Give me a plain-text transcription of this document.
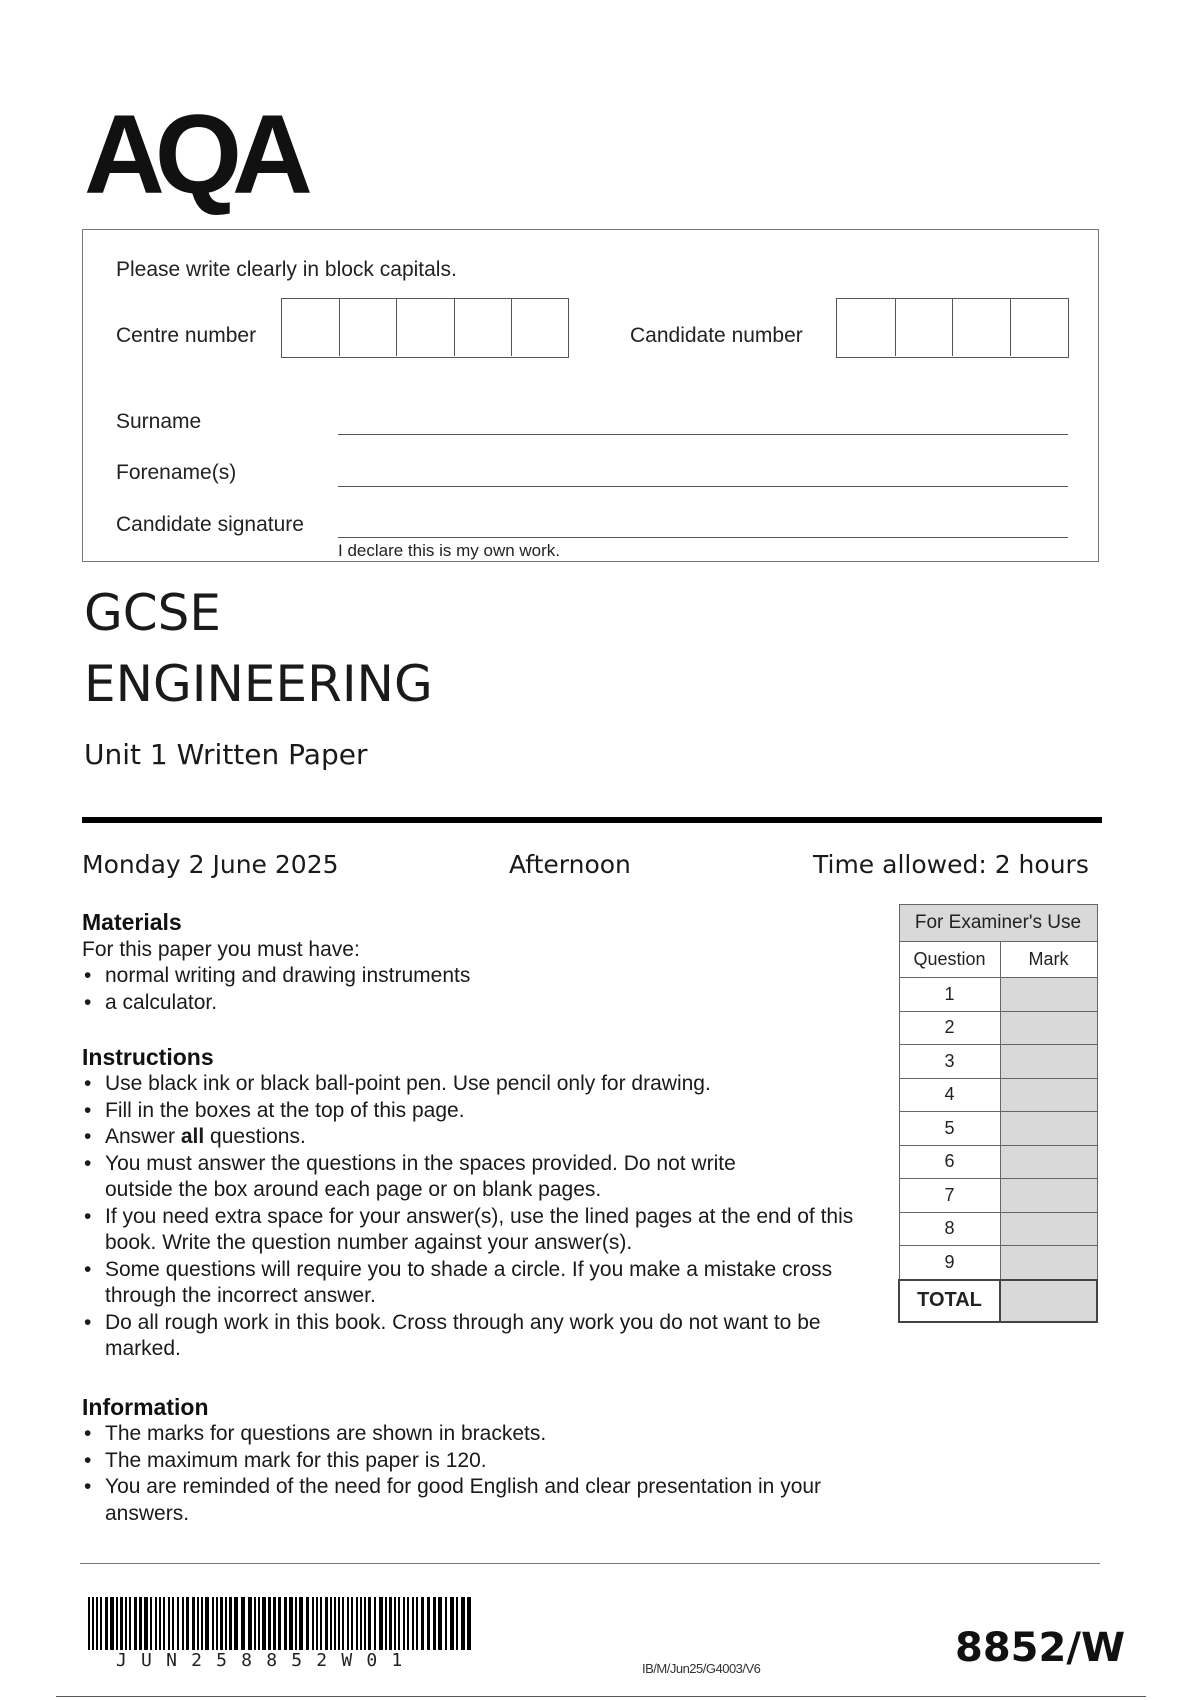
AQA
Please write clearly in block capitals.
Centre number	Candidate number
Surname
Forename(s)
Candidate signature
I declare this is my own work.
GCSE
ENGINEERING
Unit 1 Written Paper
Monday 2 June 2025	Afternoon	Time allowed: 2 hours
Materials
For this paper you must have:
• normal writing and drawing instruments
• a calculator.
Instructions
• Use black ink or black ball-point pen. Use pencil only for drawing.
• Fill in the boxes at the top of this page.
• Answer all questions.
• You must answer the questions in the spaces provided. Do not write outside the box around each page or on blank pages.
• If you need extra space for your answer(s), use the lined pages at the end of this book. Write the question number against your answer(s).
• Some questions will require you to shade a circle. If you make a mistake cross through the incorrect answer.
• Do all rough work in this book. Cross through any work you do not want to be marked.
Information
• The marks for questions are shown in brackets.
• The maximum mark for this paper is 120.
• You are reminded of the need for good English and clear presentation in your answers.
For Examiner's Use	
Question	Mark
1	
2	
3	
4	
5	
6	
7	
8	
9	
TOTAL	
JUN258852W01	IB/M/Jun25/G4003/V6	8852/W
